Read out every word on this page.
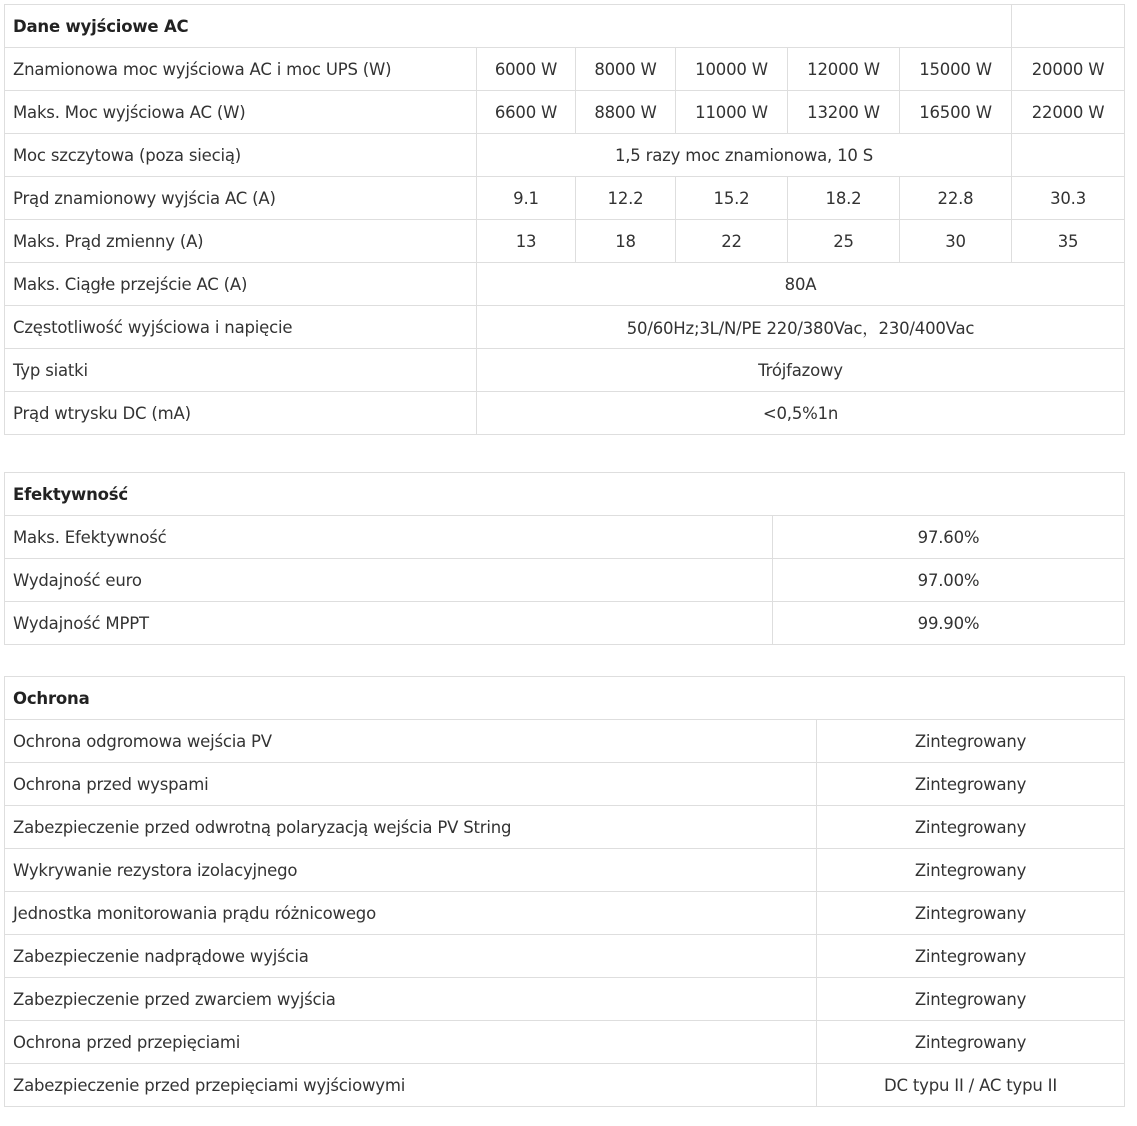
Dane wyjściowe AC						
Znamionowa moc wyjściowa AC i moc UPS (W)	6000 W	8000 W	10000 W	12000 W	15000 W	20000 W
Maks. Moc wyjściowa AC (W)	6600 W	8800 W	11000 W	13200 W	16500 W	22000 W
Moc szczytowa (poza siecią)	1,5 razy moc znamionowa, 10 S					
Prąd znamionowy wyjścia AC (A)	9.1	12.2	15.2	18.2	22.8	30.3
Maks. Prąd zmienny (A)	13	18	22	25	30	35
Maks. Ciągłe przejście AC (A)	80A					
Częstotliwość wyjściowa i napięcie	50/60Hz;3L/N/PE 220/380Vac，230/400Vac					
Typ siatki	Trójfazowy					
Prąd wtrysku DC (mA)	<0,5%1n					
Efektywność	
Maks. Efektywność	97.60%
Wydajność euro	97.00%
Wydajność MPPT	99.90%
Ochrona	
Ochrona odgromowa wejścia PV	Zintegrowany
Ochrona przed wyspami	Zintegrowany
Zabezpieczenie przed odwrotną polaryzacją wejścia PV String	Zintegrowany
Wykrywanie rezystora izolacyjnego	Zintegrowany
Jednostka monitorowania prądu różnicowego	Zintegrowany
Zabezpieczenie nadprądowe wyjścia	Zintegrowany
Zabezpieczenie przed zwarciem wyjścia	Zintegrowany
Ochrona przed przepięciami	Zintegrowany
Zabezpieczenie przed przepięciami wyjściowymi	DC typu II / AC typu II
